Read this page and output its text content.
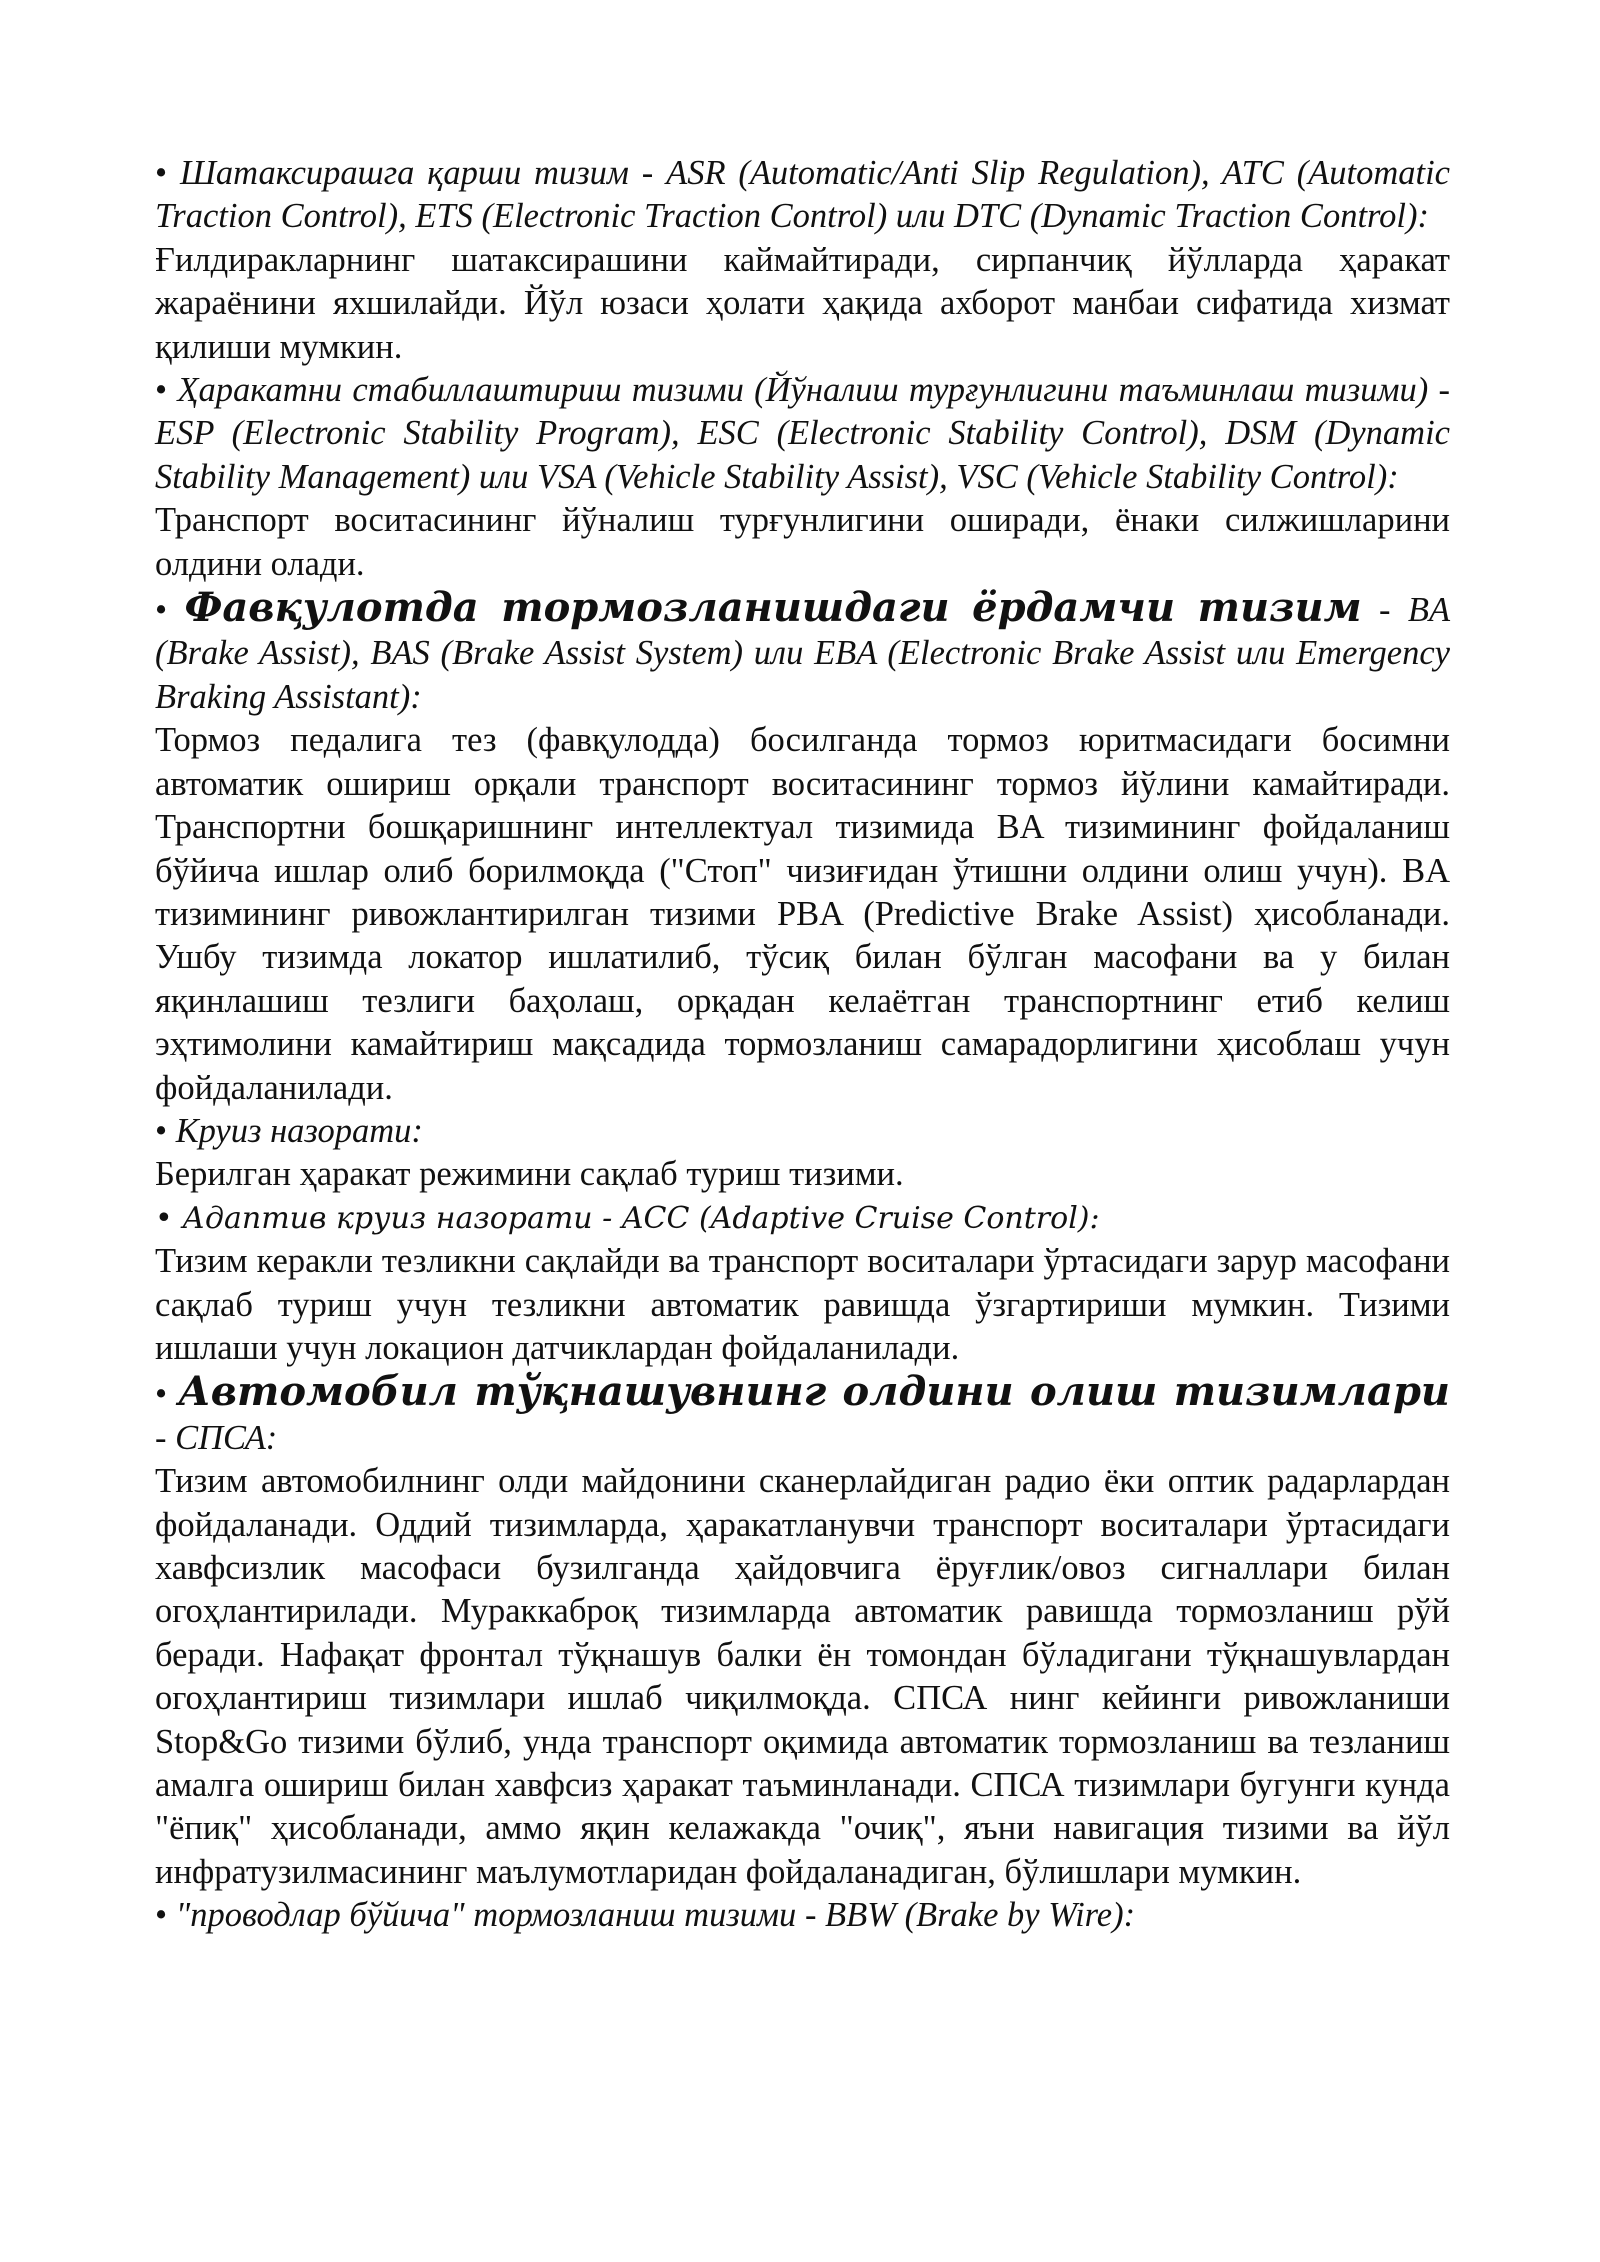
• Шатаксирашга қарши тизим - ASR (Automatic/Anti Slip Regulation), ATC (Automatic Traction Control), ETS (Electronic Traction Control) или DTC (Dynamic Traction Control):

Ғилдиракларнинг шатаксирашини каймайтиради, сирпанчиқ йўлларда ҳаракат жараёнини яхшилайди. Йўл юзаси ҳолати ҳақида ахборот манбаи сифатида хизмат қилиши мумкин.

• Ҳаракатни стабиллаштириш тизими (Йўналиш турғунлигини таъминлаш тизими) - ESP (Electronic Stability Program), ESC (Electronic Stability Control), DSM (Dynamic Stability Management) или VSA (Vehicle Stability Assist), VSC (Vehicle Stability Control):

Транспорт воситасининг йўналиш турғунлигини оширади, ёнаки силжишларини олдини олади.

• Фавқулотда тормозланишдаги ёрдамчи тизим - BA (Brake Assist), BAS (Brake Assist System) или EBA (Electronic Brake Assist или Emergency Braking Assistant):

Тормоз педалига тез (фавқулодда) босилганда тормоз юритмасидаги босимни автоматик ошириш орқали транспорт воситасининг тормоз йўлини камайтиради. Транспортни бошқаришнинг интеллектуал тизимида BA тизимининг фойдаланиш бўйича ишлар олиб борилмоқда ("Стоп" чизиғидан ўтишни олдини олиш учун). BA тизимининг ривожлантирилган тизими PBA (Predictive Brake Assist) ҳисобланади. Ушбу тизимда локатор ишлатилиб, тўсиқ билан бўлган масофани ва у билан яқинлашиш тезлиги баҳолаш, орқадан келаётган транспортнинг етиб келиш эҳтимолини камайтириш мақсадида тормозланиш самарадорлигини ҳисоблаш учун фойдаланилади.

• Круиз назорати:

Берилган ҳаракат режимини сақлаб туриш тизими.

• Адаптив круиз назорати - ACC (Adaptive Cruise Control):

Тизим керакли тезликни сақлайди ва транспорт воситалари ўртасидаги зарур масофани сақлаб туриш учун тезликни автоматик равишда ўзгартириши мумкин. Тизими ишлаши учун локацион датчиклардан фойдаланилади.

• Автомобил тўқнашувнинг олдини олиш тизимлари - СПСА:

Тизим автомобилнинг олди майдонини сканерлайдиган радио ёки оптик радарлардан фойдаланади. Оддий тизимларда, ҳаракатланувчи транспорт воситалари ўртасидаги хавфсизлик масофаси бузилганда ҳайдовчига ёруғлик/овоз сигналлари билан огоҳлантирилади. Мураккаброқ тизимларда автоматик равишда тормозланиш рўй беради. Нафақат фронтал тўқнашув балки ён томондан бўладигани тўқнашувлардан огоҳлантириш тизимлари ишлаб чиқилмоқда. СПСА нинг кейинги ривожланиши Stop&Go тизими бўлиб, унда транспорт оқимида автоматик тормозланиш ва тезланиш амалга ошириш билан хавфсиз ҳаракат таъминланади. СПСА тизимлари бугунги кунда "ёпиқ" ҳисобланади, аммо яқин келажакда "очиқ", яъни навигация тизими ва йўл инфратузилмасининг маълумотларидан фойдаланадиган, бўлишлари мумкин.

• "проводлар бўйича" тормозланиш тизими - BBW (Brake by Wire):
